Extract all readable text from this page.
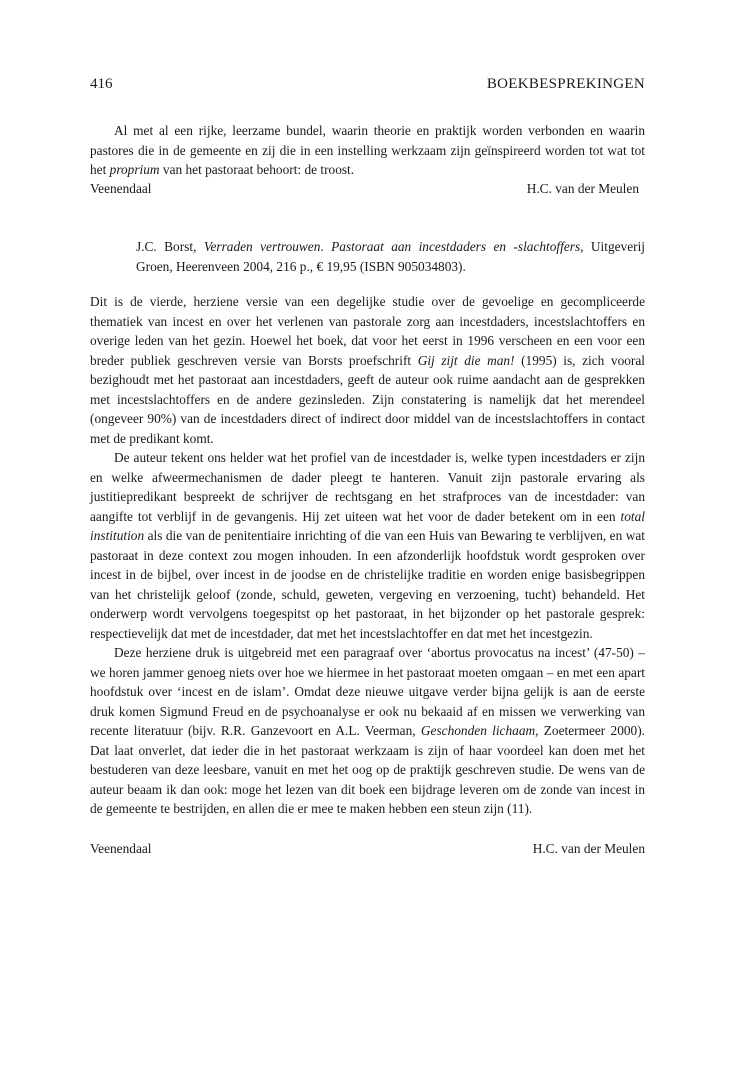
416	BOEKBESPREKINGEN

Al met al een rijke, leerzame bundel, waarin theorie en praktijk worden verbonden en waarin pastores die in de gemeente en zij die in een instelling werkzaam zijn geïnspireerd worden tot wat tot het proprium van het pastoraat behoort: de troost.

Veenendaal	H.C. van der Meulen
J.C. Borst, Verraden vertrouwen. Pastoraat aan incestdaders en -slachtoffers, Uitgeverij Groen, Heerenveen 2004, 216 p., € 19,95 (ISBN 905034803).

Dit is de vierde, herziene versie van een degelijke studie over de gevoelige en gecompliceerde thematiek van incest en over het verlenen van pastorale zorg aan incestdaders, incestslachtoffers en overige leden van het gezin. Hoewel het boek, dat voor het eerst in 1996 verscheen en een voor een breder publiek geschreven versie van Borsts proefschrift Gij zijt die man! (1995) is, zich vooral bezighoudt met het pastoraat aan incestdaders, geeft de auteur ook ruime aandacht aan de gesprekken met incestslachtoffers en de andere gezinsleden. Zijn constatering is namelijk dat het merendeel (ongeveer 90%) van de incestdaders direct of indirect door middel van de incestslachtoffers in contact met de predikant komt.

De auteur tekent ons helder wat het profiel van de incestdader is, welke typen incestdaders er zijn en welke afweermechanismen de dader pleegt te hanteren. Vanuit zijn pastorale ervaring als justitiepredikant bespreekt de schrijver de rechtsgang en het strafproces van de incestdader: van aangifte tot verblijf in de gevangenis. Hij zet uiteen wat het voor de dader betekent om in een total institution als die van de penitentiaire inrichting of die van een Huis van Bewaring te verblijven, en wat pastoraat in deze context zou mogen inhouden. In een afzonderlijk hoofdstuk wordt gesproken over incest in de bijbel, over incest in de joodse en de christelijke traditie en worden enige basisbegrippen van het christelijk geloof (zonde, schuld, geweten, vergeving en verzoening, tucht) behandeld. Het onderwerp wordt vervolgens toegespitst op het pastoraat, in het bijzonder op het pastorale gesprek: respectievelijk dat met de incestdader, dat met het incestslachtoffer en dat met het incestgezin.

Deze herziene druk is uitgebreid met een paragraaf over ‘abortus provocatus na incest’ (47-50) – we horen jammer genoeg niets over hoe we hiermee in het pastoraat moeten omgaan – en met een apart hoofdstuk over ‘incest en de islam’. Omdat deze nieuwe uitgave verder bijna gelijk is aan de eerste druk komen Sigmund Freud en de psychoanalyse er ook nu bekaaid af en missen we verwerking van recente literatuur (bijv. R.R. Ganzevoort en A.L. Veerman, Geschonden lichaam, Zoetermeer 2000). Dat laat onverlet, dat ieder die in het pastoraat werkzaam is zijn of haar voordeel kan doen met het bestuderen van deze leesbare, vanuit en met het oog op de praktijk geschreven studie. De wens van de auteur beaam ik dan ook: moge het lezen van dit boek een bijdrage leveren om de zonde van incest in de gemeente te bestrijden, en allen die er mee te maken hebben een steun zijn (11).

Veenendaal	H.C. van der Meulen
